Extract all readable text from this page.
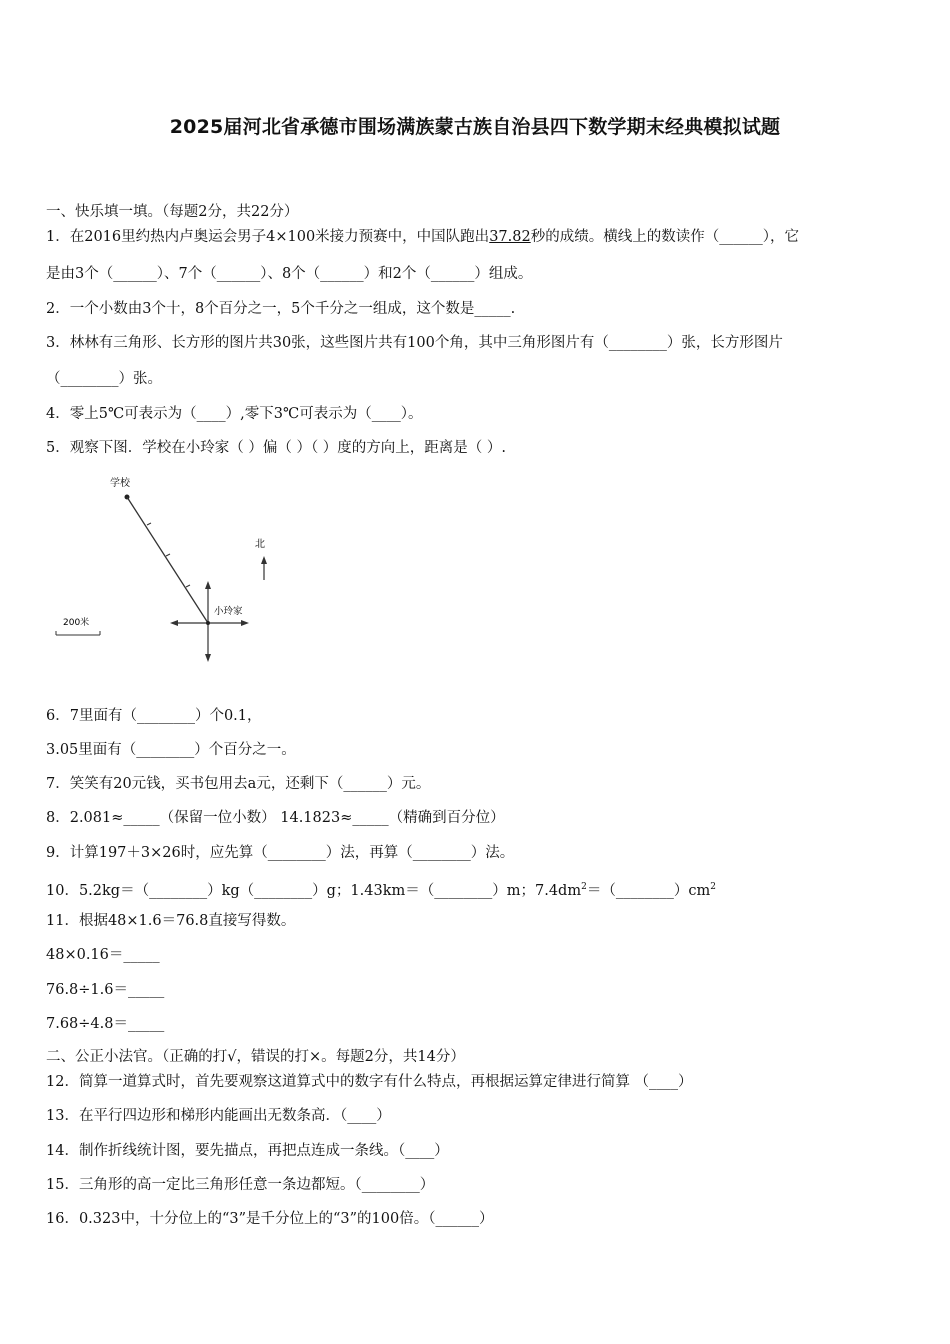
2025届河北省承德市围场满族蒙古族自治县四下数学期末经典模拟试题
一、快乐填一填。（每题2分，共22分）
1．在2016里约热内卢奥运会男子4×100米接力预赛中，中国队跑出37.82秒的成绩。横线上的数读作（______），它
是由3个（______）、7个（______）、8个（______）和2个（______）组成。
2．一个小数由3个十，8个百分之一，5个千分之一组成，这个数是_____.
3．林林有三角形、长方形的图片共30张，这些图片共有100个角，其中三角形图片有（________）张，长方形图片
（________）张。
4．零上5℃可表示为（____）,零下3℃可表示为（____）。
5．观察下图．学校在小玲家（ ）偏（ ）（ ）度的方向上，距离是（ ）.
学校
北
小玲家
200米
6．7里面有（________）个0.1，
3.05里面有（________）个百分之一。
7．笑笑有20元钱，买书包用去a元，还剩下（______）元。
8．2.081≈_____（保留一位小数） 14.1823≈_____（精确到百分位）
9．计算197＋3×26时，应先算（________）法，再算（________）法。
10．5.2kg＝（________）kg（________）g；1.43km＝（________）m；$7.4dm^2=(\_\_\_\_\_\_\_\_)cm^2$
11．根据48×1.6＝76.8直接写得数。
48×0.16＝_____
76.8÷1.6＝_____
7.68÷4.8＝_____
二、公正小法官。（正确的打√，错误的打×。每题2分，共14分）
12．简算一道算式时，首先要观察这道算式中的数字有什么特点，再根据运算定律进行简算 （____）
13．在平行四边形和梯形内能画出无数条高．（____）
14．制作折线统计图，要先描点，再把点连成一条线。（____）
15．三角形的高一定比三角形任意一条边都短。（________）
16．0.323中，十分位上的“3”是千分位上的“3”的100倍。（______）
